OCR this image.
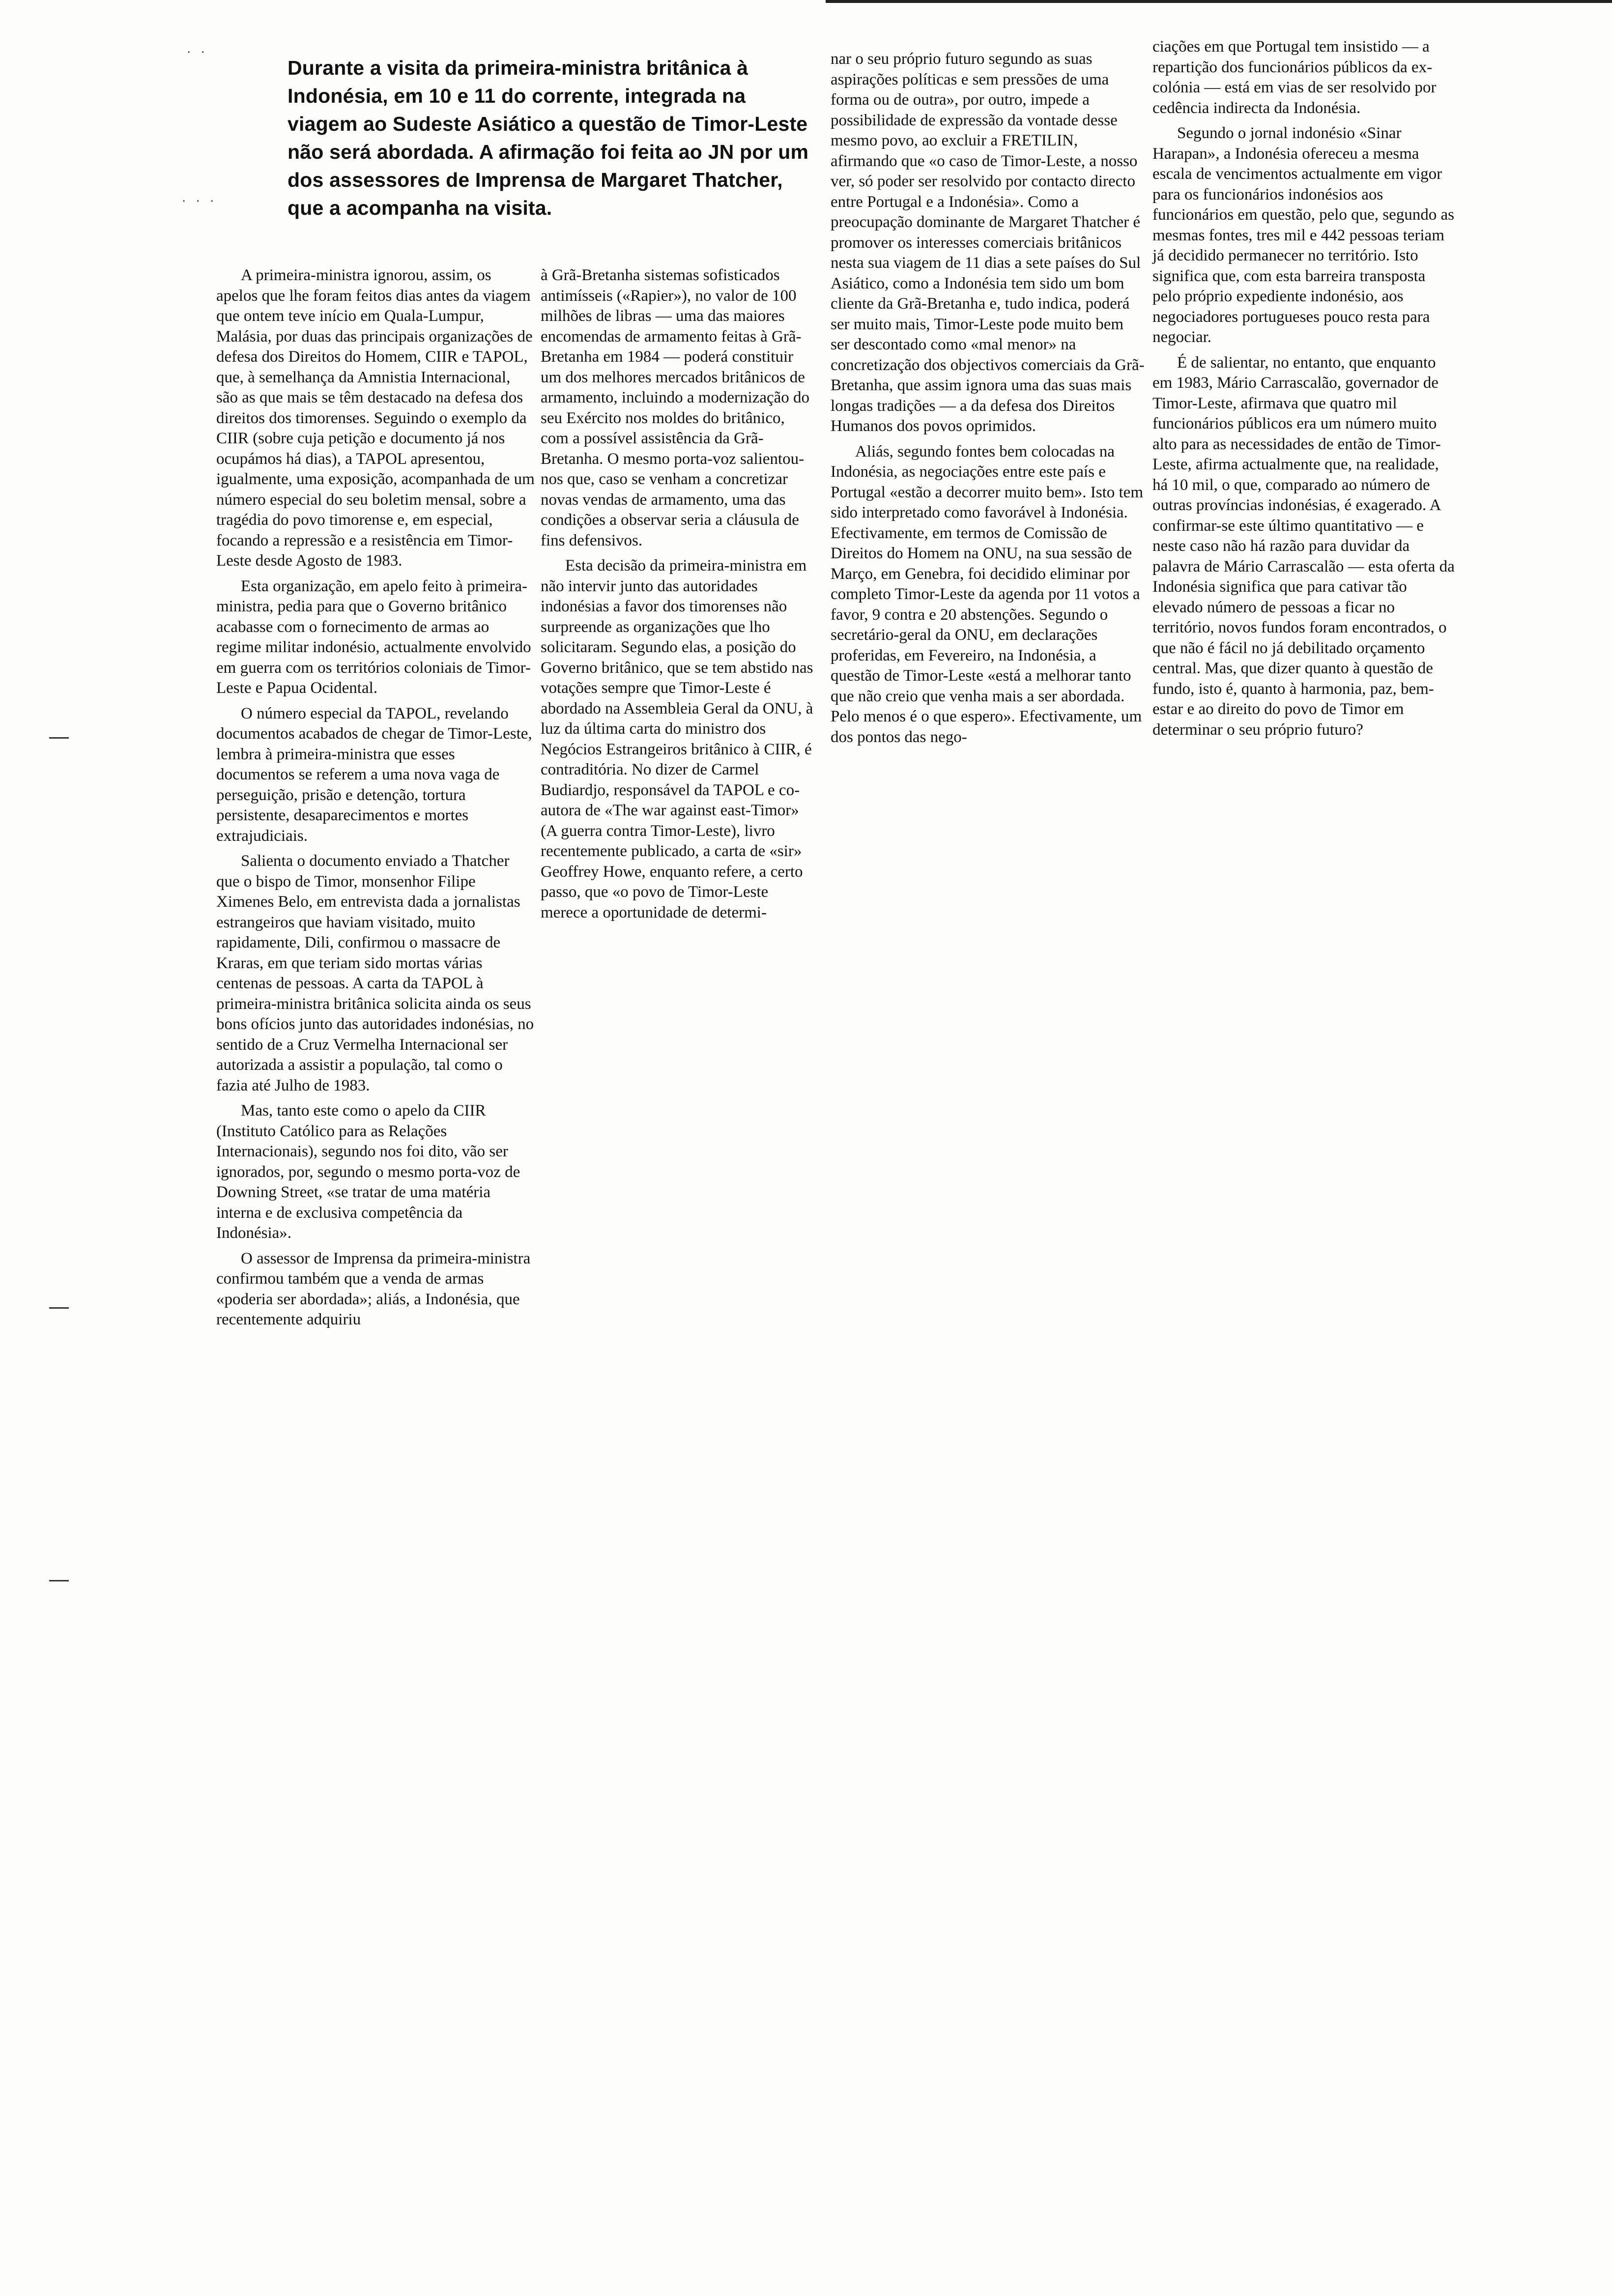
· ·
· · ·

Durante a visita da primeira-ministra britânica à Indonésia, em 10 e 11 do corrente, integrada na viagem ao Sudeste Asiático a questão de Timor-Leste não será abordada. A afirmação foi feita ao JN por um dos assessores de Imprensa de Margaret Thatcher, que a acompanha na visita.

A primeira-ministra ignorou, assim, os apelos que lhe foram feitos dias antes da viagem que ontem teve início em Quala-Lumpur, Malásia, por duas das principais organizações de defesa dos Direitos do Homem, CIIR e TAPOL, que, à semelhança da Amnistia Internacional, são as que mais se têm destacado na defesa dos direitos dos timorenses. Seguindo o exemplo da CIIR (sobre cuja petição e documento já nos ocupámos há dias), a TAPOL apresentou, igualmente, uma exposição, acompanhada de um número especial do seu boletim mensal, sobre a tragédia do povo timorense e, em especial, focando a repressão e a resistência em Timor-Leste desde Agosto de 1983.

Esta organização, em apelo feito à primeira-ministra, pedia para que o Governo britânico acabasse com o fornecimento de armas ao regime militar indonésio, actualmente envolvido em guerra com os territórios coloniais de Timor-Leste e Papua Ocidental.

O número especial da TAPOL, revelando documentos acabados de chegar de Timor-Leste, lembra à primeira-ministra que esses documentos se referem a uma nova vaga de perseguição, prisão e detenção, tortura persistente, desaparecimentos e mortes extrajudiciais.

Salienta o documento enviado a Thatcher que o bispo de Timor, monsenhor Filipe Ximenes Belo, em entrevista dada a jornalistas estrangeiros que haviam visitado, muito rapidamente, Dili, confirmou o massacre de Kraras, em que teriam sido mortas várias centenas de pessoas. A carta da TAPOL à primeira-ministra britânica solicita ainda os seus bons ofícios junto das autoridades indonésias, no sentido de a Cruz Vermelha Internacional ser autorizada a assistir a população, tal como o fazia até Julho de 1983.

Mas, tanto este como o apelo da CIIR (Instituto Católico para as Relações Internacionais), segundo nos foi dito, vão ser ignorados, por, segundo o mesmo porta-voz de Downing Street, «se tratar de uma matéria interna e de exclusiva competência da Indonésia».

O assessor de Imprensa da primeira-ministra confirmou também que a venda de armas «poderia ser abordada»; aliás, a Indonésia, que recentemente adquiriu

à Grã-Bretanha sistemas sofisticados antimísseis («Rapier»), no valor de 100 milhões de libras — uma das maiores encomendas de armamento feitas à Grã-Bretanha em 1984 — poderá constituir um dos melhores mercados britânicos de armamento, incluindo a modernização do seu Exército nos moldes do britânico, com a possível assistência da Grã-Bretanha. O mesmo porta-voz salientou-nos que, caso se venham a concretizar novas vendas de armamento, uma das condições a observar seria a cláusula de fins defensivos.

Esta decisão da primeira-ministra em não intervir junto das autoridades indonésias a favor dos timorenses não surpreende as organizações que lho solicitaram. Segundo elas, a posição do Governo britânico, que se tem abstido nas votações sempre que Timor-Leste é abordado na Assembleia Geral da ONU, à luz da última carta do ministro dos Negócios Estrangeiros britânico à CIIR, é contraditória. No dizer de Carmel Budiardjo, responsável da TAPOL e co-autora de «The war against east-Timor» (A guerra contra Timor-Leste), livro recentemente publicado, a carta de «sir» Geoffrey Howe, enquanto refere, a certo passo, que «o povo de Timor-Leste merece a oportunidade de determi-

nar o seu próprio futuro segundo as suas aspirações políticas e sem pressões de uma forma ou de outra», por outro, impede a possibilidade de expressão da vontade desse mesmo povo, ao excluir a FRETILIN, afirmando que «o caso de Timor-Leste, a nosso ver, só poder ser resolvido por contacto directo entre Portugal e a Indonésia». Como a preocupação dominante de Margaret Thatcher é promover os interesses comerciais britânicos nesta sua viagem de 11 dias a sete países do Sul Asiático, como a Indonésia tem sido um bom cliente da Grã-Bretanha e, tudo indica, poderá ser muito mais, Timor-Leste pode muito bem ser descontado como «mal menor» na concretização dos objectivos comerciais da Grã-Bretanha, que assim ignora uma das suas mais longas tradições — a da defesa dos Direitos Humanos dos povos oprimidos.

Aliás, segundo fontes bem colocadas na Indonésia, as negociações entre este país e Portugal «estão a decorrer muito bem». Isto tem sido interpretado como favorável à Indonésia. Efectivamente, em termos de Comissão de Direitos do Homem na ONU, na sua sessão de Março, em Genebra, foi decidido eliminar por completo Timor-Leste da agenda por 11 votos a favor, 9 contra e 20 abstenções. Segundo o secretário-geral da ONU, em declarações proferidas, em Fevereiro, na Indonésia, a questão de Timor-Leste «está a melhorar tanto que não creio que venha mais a ser abordada. Pelo menos é o que espero». Efectivamente, um dos pontos das nego-

ciações em que Portugal tem insistido — a repartição dos funcionários públicos da ex-colónia — está em vias de ser resolvido por cedência indirecta da Indonésia.

Segundo o jornal indonésio «Sinar Harapan», a Indonésia ofereceu a mesma escala de vencimentos actualmente em vigor para os funcionários indonésios aos funcionários em questão, pelo que, segundo as mesmas fontes, tres mil e 442 pessoas teriam já decidido permanecer no território. Isto significa que, com esta barreira transposta pelo próprio expediente indonésio, aos negociadores portugueses pouco resta para negociar.

É de salientar, no entanto, que enquanto em 1983, Mário Carrascalão, governador de Timor-Leste, afirmava que quatro mil funcionários públicos era um número muito alto para as necessidades de então de Timor-Leste, afirma actualmente que, na realidade, há 10 mil, o que, comparado ao número de outras províncias indonésias, é exagerado. A confirmar-se este último quantitativo — e neste caso não há razão para duvidar da palavra de Mário Carrascalão — esta oferta da Indonésia significa que para cativar tão elevado número de pessoas a ficar no território, novos fundos foram encontrados, o que não é fácil no já debilitado orçamento central. Mas, que dizer quanto à questão de fundo, isto é, quanto à harmonia, paz, bem-estar e ao direito do povo de Timor em determinar o seu próprio futuro?
